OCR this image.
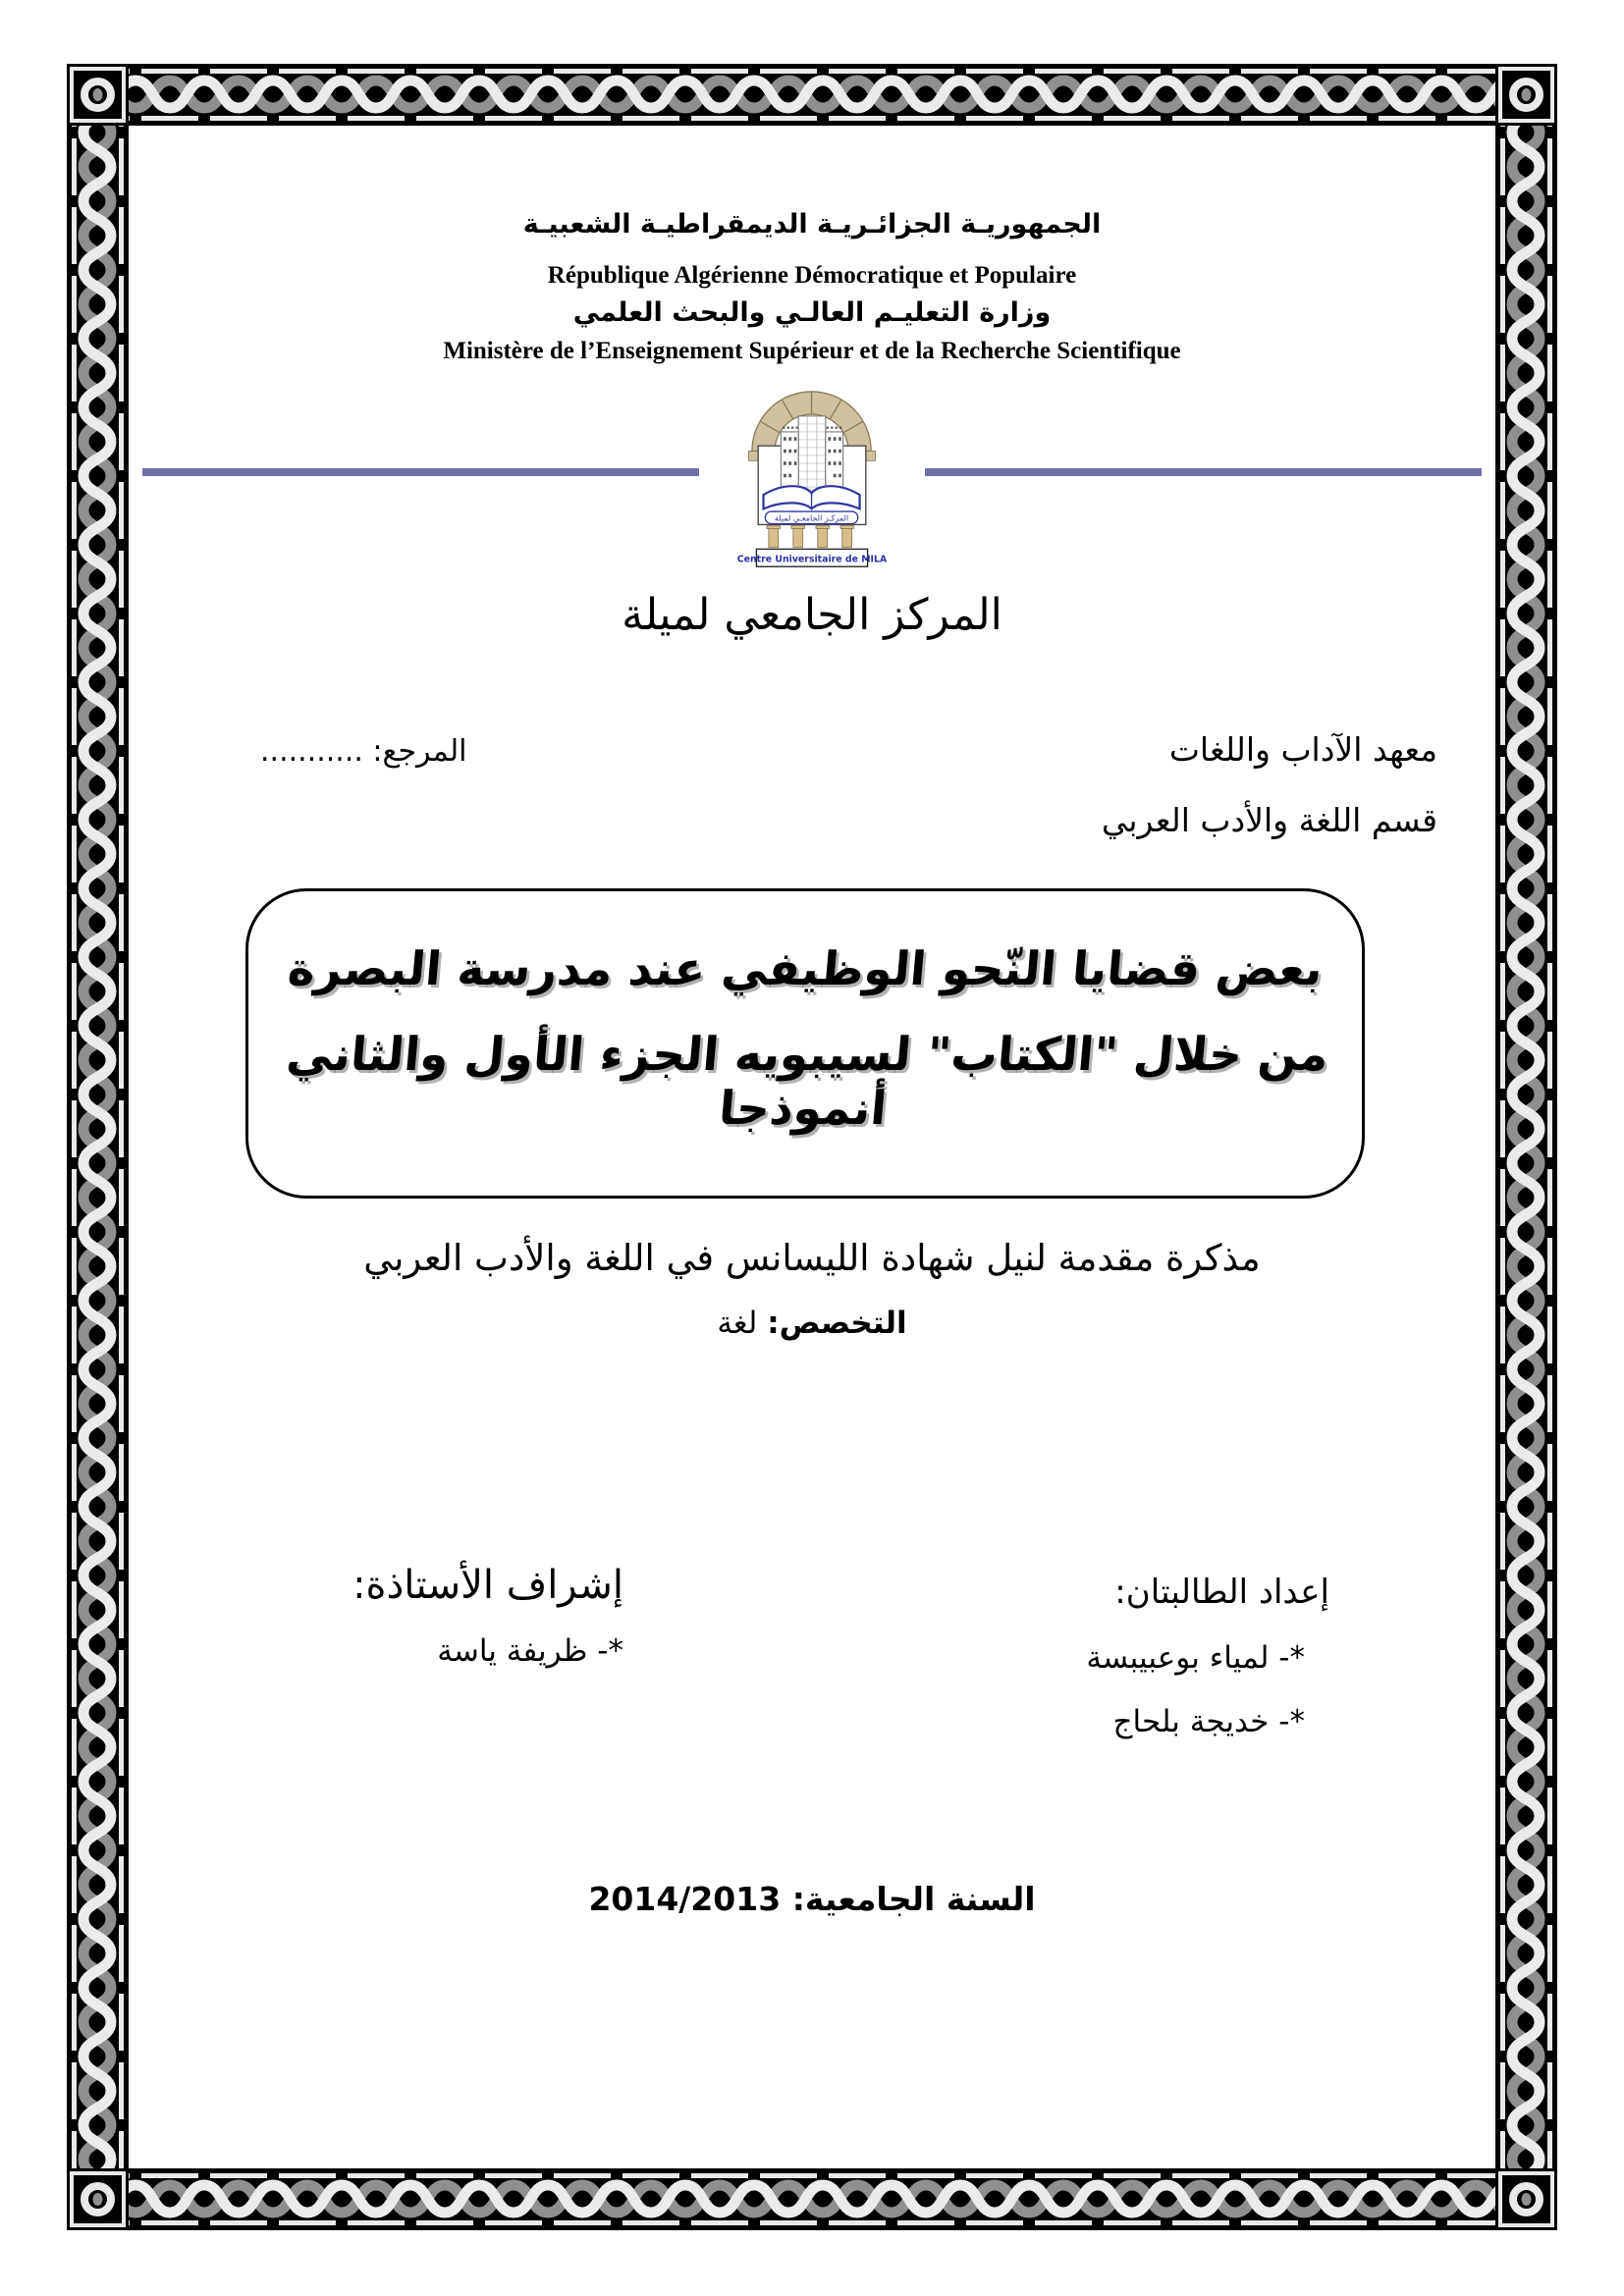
الجمهوريـة الجزائـريـة الديمقراطيـة الشعبيـة
République Algérienne Démocratique et Populaire
وزارة التعليـم العالـي والبحث العلمي
Ministère de l’Enseignement Supérieur et de la Recherche Scientifique
المركـز الجامعـي لميلة
Centre Universitaire de MILA
المركز الجامعي لميلة
معهد الآداب واللغات
قسم اللغة والأدب العربي
المرجع: ...........
بعض قضايا النّحو الوظيفي عند مدرسة البصرة
من خلال "الكتاب" لسيبويه الجزء الأول والثاني أنموذجا
مذكرة مقدمة لنيل شهادة الليسانس في اللغة والأدب العربي
التخصص: لغة
إعداد الطالبتان:
*- لمياء بوعبيبسة
*- خديجة بلحاج
إشراف الأستاذة:
*- ظريفة ياسة
السنة الجامعية: 2014/2013
